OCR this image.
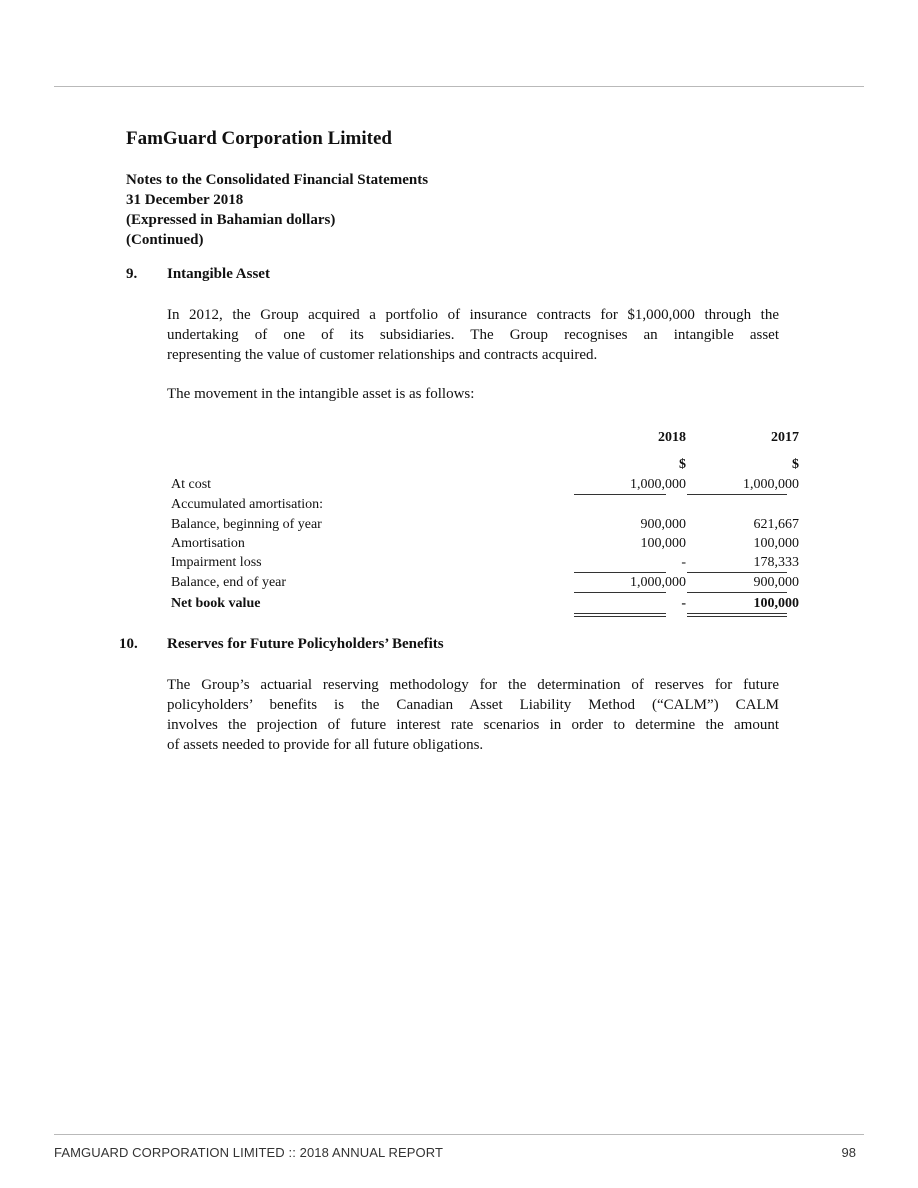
FamGuard Corporation Limited
Notes to the Consolidated Financial Statements
31 December 2018
(Expressed in Bahamian dollars)
(Continued)
9. Intangible Asset
In 2012, the Group acquired a portfolio of insurance contracts for $1,000,000 through the
undertaking of one of its subsidiaries. The Group recognises an intangible asset
representing the value of customer relationships and contracts acquired.
The movement in the intangible asset is as follows:
2018	2017
$	$
At cost	1,000,000	1,000,000
Accumulated amortisation:
Balance, beginning of year	900,000	621,667
Amortisation	100,000	100,000
Impairment loss	-	178,333
Balance, end of year	1,000,000	900,000
Net book value	-	100,000
10. Reserves for Future Policyholders’ Benefits
The Group’s actuarial reserving methodology for the determination of reserves for future
policyholders’ benefits is the Canadian Asset Liability Method (“CALM”) CALM
involves the projection of future interest rate scenarios in order to determine the amount
of assets needed to provide for all future obligations.
FAMGUARD CORPORATION LIMITED :: 2018 ANNUAL REPORT	98
